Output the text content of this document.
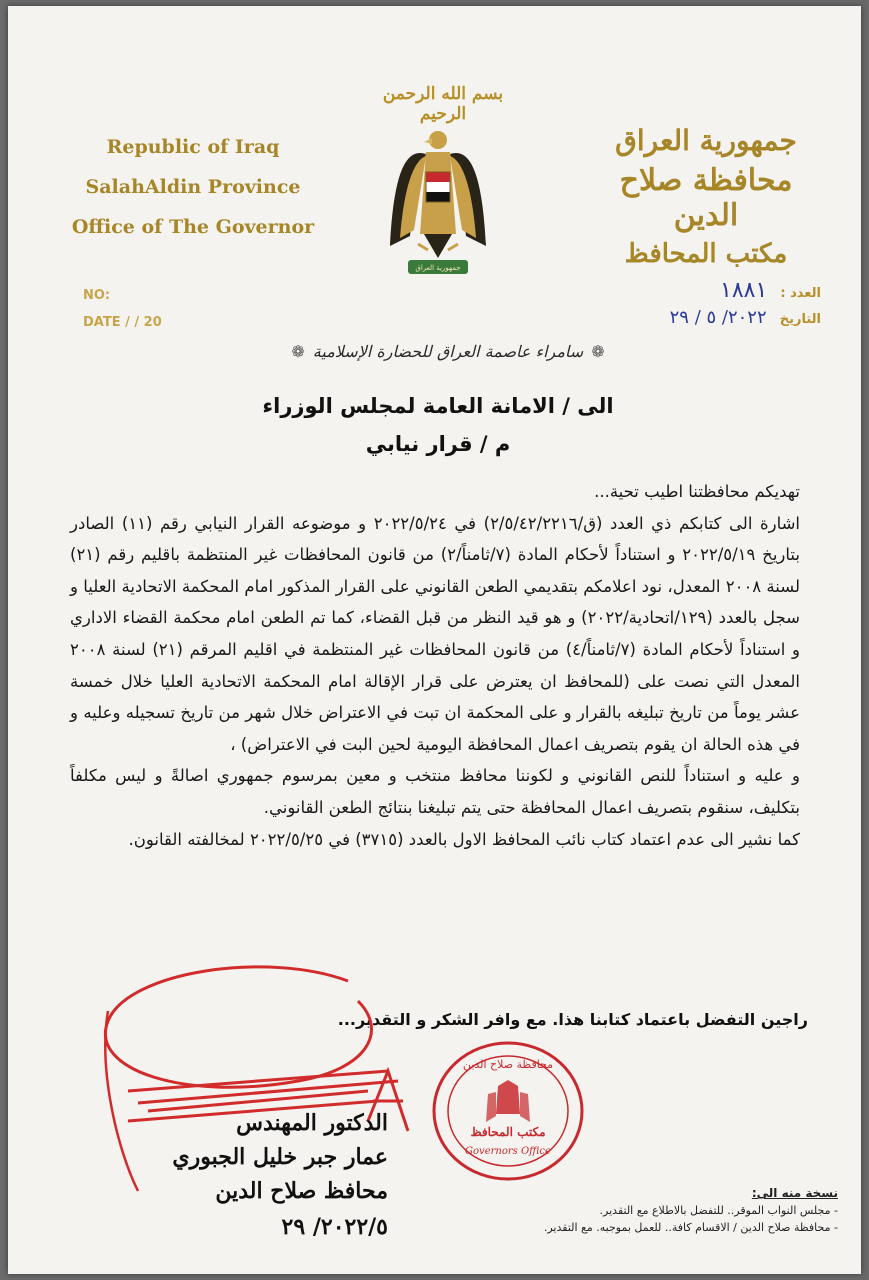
بسم الله الرحمن الرحيم
Republic of Iraq
SalahAldin Province
Office of The Governor
جمهورية العراق
جمهورية العراق
محافظة صلاح الدين
مكتب المحافظ
NO:
DATE / / 20
العدد : ١٨٨١
التاريخ ٢٠٢٢/ ٥ / ٢٩
❁سامراء عاصمة العراق للحضارة الإسلامية❁
الى / الامانة العامة لمجلس الوزراء
م / قرار نيابي

تهديكم محافظتنا اطيب تحية...

اشارة الى كتابكم ذي العدد (ق/٢/٥/٤٢/٢٢١٦) في ٢٠٢٢/٥/٢٤ و موضوعه القرار النيابي رقم (١١) الصادر بتاريخ ٢٠٢٢/٥/١٩ و استناداً لأحكام المادة (٧/ثامناً/٢) من قانون المحافظات غير المنتظمة باقليم رقم (٢١) لسنة ٢٠٠٨ المعدل، نود اعلامكم بتقديمي الطعن القانوني على القرار المذكور امام المحكمة الاتحادية العليا و سجل بالعدد (١٢٩/اتحادية/٢٠٢٢) و هو قيد النظر من قبل القضاء، كما تم الطعن امام محكمة القضاء الاداري و استناداً لأحكام المادة (٧/ثامناً/٤) من قانون المحافظات غير المنتظمة في اقليم المرقم (٢١) لسنة ٢٠٠٨ المعدل التي نصت على (للمحافظ ان يعترض على قرار الإقالة امام المحكمة الاتحادية العليا خلال خمسة عشر يوماً من تاريخ تبليغه بالقرار و على المحكمة ان تبت في الاعتراض خلال شهر من تاريخ تسجيله وعليه و في هذه الحالة ان يقوم بتصريف اعمال المحافظة اليومية لحين البت في الاعتراض) ،

و عليه و استناداً للنص القانوني و لكوننا محافظ منتخب و معين بمرسوم جمهوري اصالةً و ليس مكلفاً بتكليف، سنقوم بتصريف اعمال المحافظة حتى يتم تبليغنا بنتائج الطعن القانوني.

كما نشير الى عدم اعتماد كتاب نائب المحافظ الاول بالعدد (٣٧١٥) في ٢٠٢٢/٥/٢٥ لمخالفته القانون.

راجين التفضل باعتماد كتابنا هذا. مع وافر الشكر و التقدير...
الدكتور المهندس
عمار جبر خليل الجبوري
محافظ صلاح الدين
٢٠٢٢/٥/ ٢٩
محافظة صلاح الدين
مكتب المحافظ
Governors Office
نسخة منه الى:
- مجلس النواب الموقر.. للتفضل بالاطلاع مع التقدير.
- محافظة صلاح الدين / الاقسام كافة.. للعمل بموجبه. مع التقدير.
